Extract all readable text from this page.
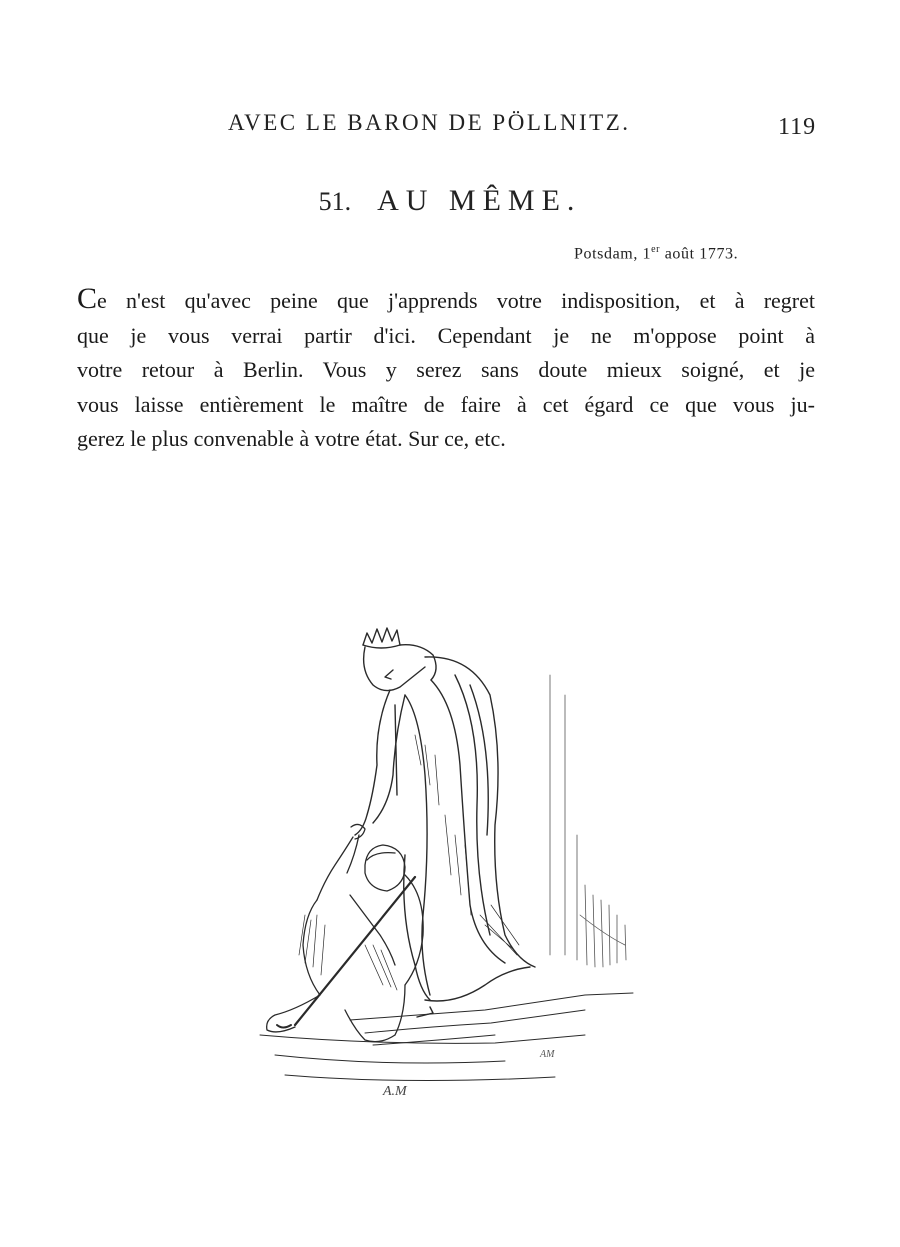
AVEC LE BARON DE PÖLLNITZ.	119
51. AU MÊME.
Potsdam, 1er août 1773.
Ce n'est qu'avec peine que j'apprends votre indisposition, et à regret
que je vous verrai partir d'ici. Cependant je ne m'oppose point à
votre retour à Berlin. Vous y serez sans doute mieux soigné, et je
vous laisse entièrement le maître de faire à cet égard ce que vous ju-
gerez le plus convenable à votre état. Sur ce, etc.
A.M
AM
